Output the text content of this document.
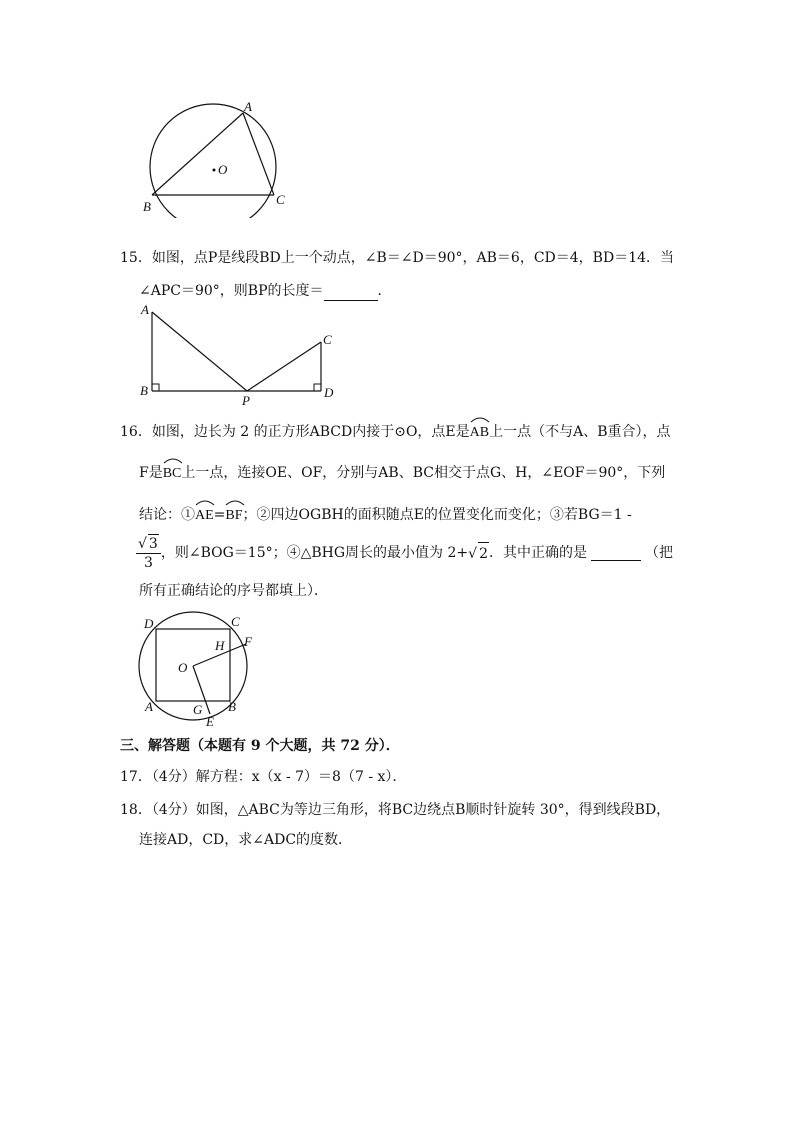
A
O
B	C
15．如图，点P是线段BD上一个动点，∠B＝∠D＝90°，AB＝6，CD＝4，BD＝14．当
∠APC＝90°，则BP的长度＝	．
A
B
C
D
P
16．如图，边长为 2 的正方形ABCD内接于⊙O，点E是
AB上一点（不与A、B重合），点
F是
BC上一点，连接OE、OF，分别与AB、BC相交于点G、H，∠EOF＝90°，下列
结论：①
AE=
BF；②四边OGBH的面积随点E的位置变化而变化；③若BG＝1 -
$\frac{√ 3}{3}$ ，则∠BOG＝15°；④△BHG周长的最小值为 2+√ 2．其中正确的是	（把
所有正确结论的序号都填上）．
D	C
F
H
O
A	G B
E
三、解答题（本题有 9 个大题，共 72 分）．
17．（4分）解方程：x（x - 7）＝8（7 - x）．
18．（4分）如图，△ABC为等边三角形，将BC边绕点B顺时针旋转 30°，得到线段BD，
连接AD，CD，求∠ADC的度数．
